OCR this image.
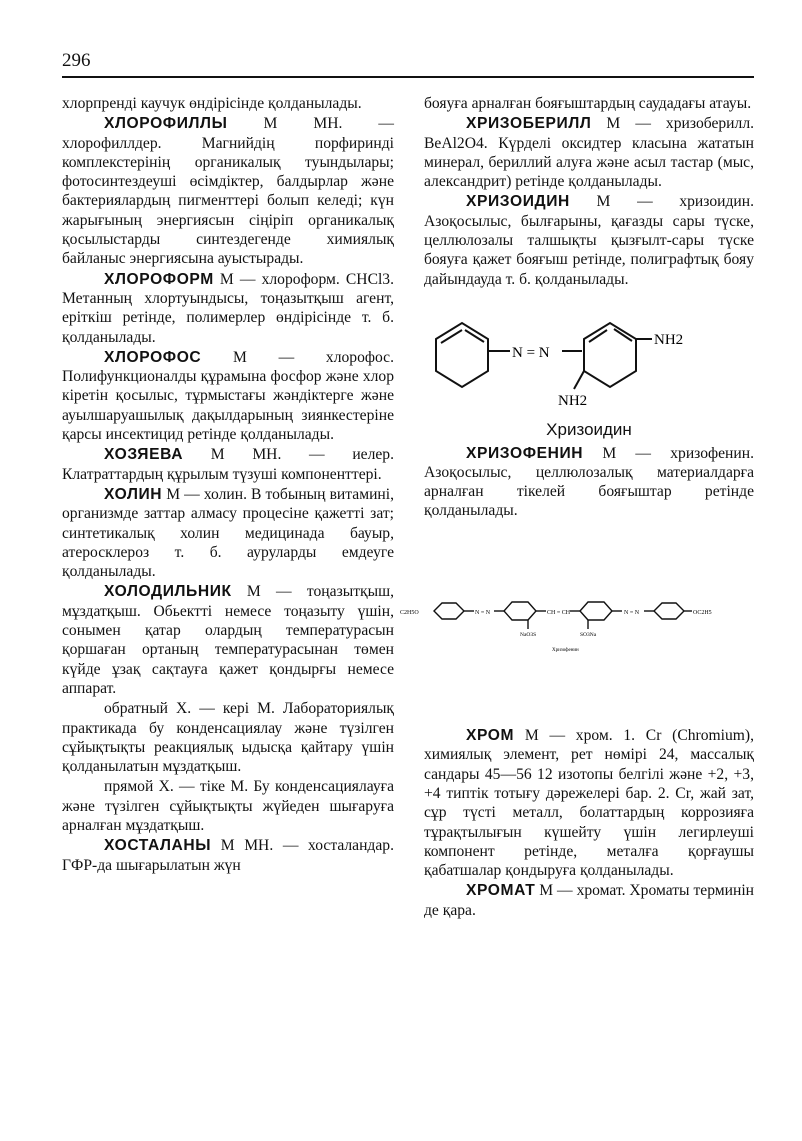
296

хлорпренді каучук өндірісінде қолданылады.

ХЛОРОФИЛЛЫ М МН. — хлорофиллдер. Магнийдің порфиринді комплекстерінің органикалық туындылары; фотосинтездеуші өсімдіктер, балдырлар және бактериялардың пигменттері болып келеді; күн жарығының энергиясын сіңіріп органикалық қосылыстарды синтездегенде химиялық байланыс энергиясына ауыстырады.

ХЛОРОФОРМ М — хлороформ. CHCl3. Метанның хлортуындысы, тоңазытқыш агент, еріткіш ретінде, полимерлер өндірісінде т. б. қолданылады.

ХЛОРОФОС М — хлорофос. Полифункционалды құрамына фосфор және хлор кіретін қосылыс, тұрмыстағы жәндіктерге және ауылшаруашылық дақылдарының зиянкестеріне қарсы инсектицид ретінде қолданылады.

ХОЗЯЕВА М МН. — иелер. Клатраттардың құрылым түзуші компоненттері.

ХОЛИН М — холин. В тобының витамині, организмде заттар алмасу процесіне қажетті зат; синтетикалық холин медицинада бауыр, атеросклероз т. б. ауруларды емдеуге қолданылады.

ХОЛОДИЛЬНИК М — тоңазытқыш, мұздатқыш. Обьектті немесе тоңазыту үшін, сонымен қатар олардың температурасын қоршаған ортаның температурасынан төмен күйде ұзақ сақтауға қажет қондырғы немесе аппарат.

обратный Х. — кері М. Лабораториялық практикада бу конденсациялау және түзілген сұйықтықты реакциялық ыдысқа қайтару үшін қолданылатын мұздатқыш.

прямой Х. — тіке М. Бу конденсациялауға және түзілген сұйықтықты жүйеден шығаруға арналған мұздатқыш.

ХОСТАЛАНЫ М МН. — хосталандар. ГФР-да шығарылатын жүн

бояуға арналған бояғыштардың саудадағы атауы.

ХРИЗОБЕРИЛЛ М — хризоберилл. BeAl2O4. Күрделі оксидтер класына жататын минерал, бериллий алуға және асыл тастар (мыс, александрит) ретінде қолданылады.

ХРИЗОИДИН М — хризоидин. Азоқосылыс, былғарыны, қағазды сары түске, целлюлозалы талшықты қызғылт-сары түске бояуға қажет бояғыш ретінде, полиграфтық бояу дайындауда т. б. қолданылады.

N = N
NH2
NH2
Хризоидин

ХРИЗОФЕНИН М — хризофенин. Азоқосылыс, целлюлозалық материалдарға арналған тікелей бояғыштар ретінде қолданылады.

C2H5O	N = N	CH = CH	N = N	OC2H5
NaO3S	SO3Na
Хризофенин

ХРОМ М — хром. 1. Cr (Chromium), химиялық элемент, рет нөмірі 24, массалық сандары 45—56 12 изотопы белгілі және +2, +3, +4 типтік тотығу дәрежелері бар. 2. Cr, жай зат, сұр түсті металл, болаттардың коррозияға тұрақтылығын күшейту үшін легирлеуші компонент ретінде, металға қорғаушы қабатшалар қондыруға қолданылады.

ХРОМАТ М — хромат. Хроматы терминін де қара.
